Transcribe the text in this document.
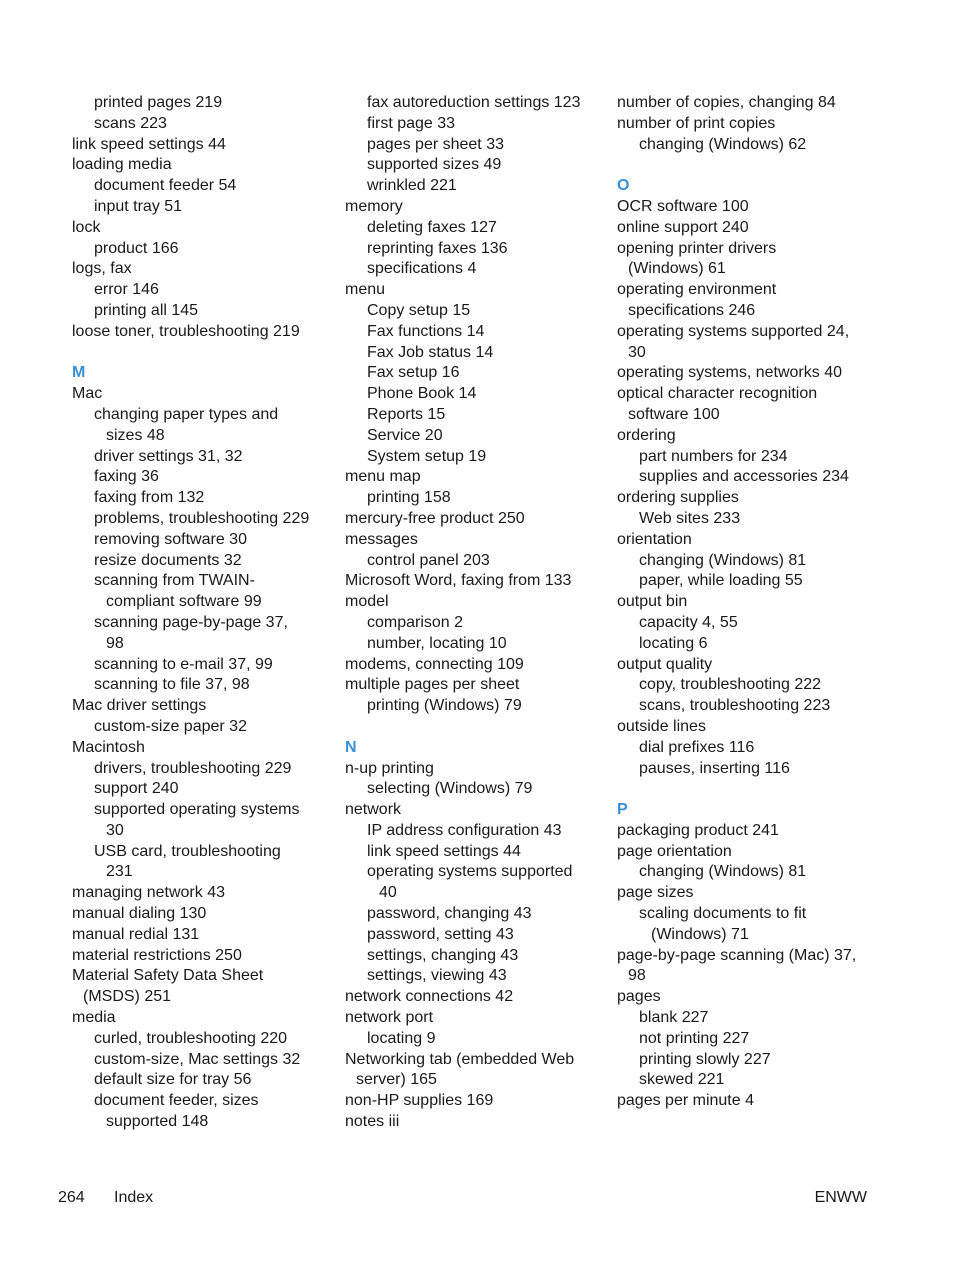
printed pages 219
scans 223
link speed settings 44
loading media
document feeder 54
input tray 51
lock
product 166
logs, fax
error 146
printing all 145
loose toner, troubleshooting 219
M
Mac
changing paper types and
sizes 48
driver settings 31, 32
faxing 36
faxing from 132
problems, troubleshooting 229
removing software 30
resize documents 32
scanning from TWAIN-
compliant software 99
scanning page-by-page 37,
98
scanning to e-mail 37, 99
scanning to file 37, 98
Mac driver settings
custom-size paper 32
Macintosh
drivers, troubleshooting 229
support 240
supported operating systems
30
USB card, troubleshooting
231
managing network 43
manual dialing 130
manual redial 131
material restrictions 250
Material Safety Data Sheet
(MSDS) 251
media
curled, troubleshooting 220
custom-size, Mac settings 32
default size for tray 56
document feeder, sizes
supported 148
fax autoreduction settings 123
first page 33
pages per sheet 33
supported sizes 49
wrinkled 221
memory
deleting faxes 127
reprinting faxes 136
specifications 4
menu
Copy setup 15
Fax functions 14
Fax Job status 14
Fax setup 16
Phone Book 14
Reports 15
Service 20
System setup 19
menu map
printing 158
mercury-free product 250
messages
control panel 203
Microsoft Word, faxing from 133
model
comparison 2
number, locating 10
modems, connecting 109
multiple pages per sheet
printing (Windows) 79
N
n-up printing
selecting (Windows) 79
network
IP address configuration 43
link speed settings 44
operating systems supported
40
password, changing 43
password, setting 43
settings, changing 43
settings, viewing 43
network connections 42
network port
locating 9
Networking tab (embedded Web
server) 165
non-HP supplies 169
notes iii
number of copies, changing 84
number of print copies
changing (Windows) 62
O
OCR software 100
online support 240
opening printer drivers
(Windows) 61
operating environment
specifications 246
operating systems supported 24,
30
operating systems, networks 40
optical character recognition
software 100
ordering
part numbers for 234
supplies and accessories 234
ordering supplies
Web sites 233
orientation
changing (Windows) 81
paper, while loading 55
output bin
capacity 4, 55
locating 6
output quality
copy, troubleshooting 222
scans, troubleshooting 223
outside lines
dial prefixes 116
pauses, inserting 116
P
packaging product 241
page orientation
changing (Windows) 81
page sizes
scaling documents to fit
(Windows) 71
page-by-page scanning (Mac) 37,
98
pages
blank 227
not printing 227
printing slowly 227
skewed 221
pages per minute 4
264 Index	ENWW
